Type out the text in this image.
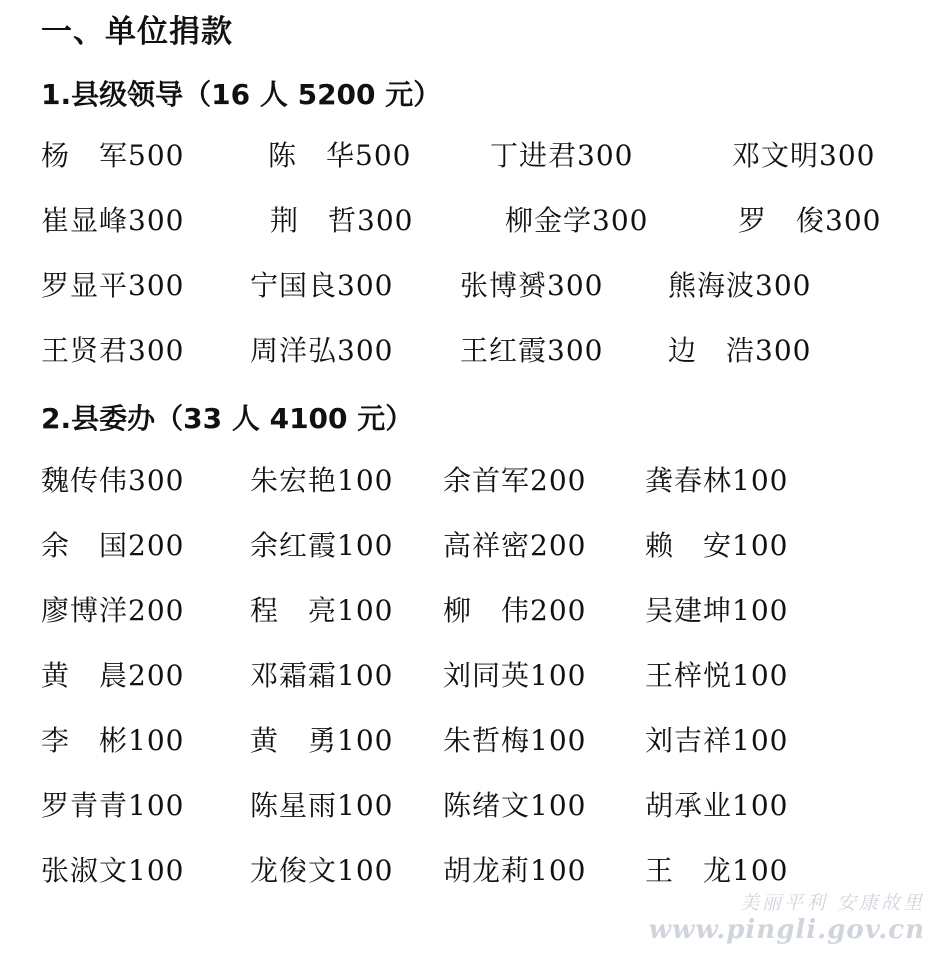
一、单位捐款
1.县级领导（16 人 5200 元）
2.县委办（33 人 4100 元）
杨　军500	陈　华500	丁进君300	邓文明300
崔显峰300	荆　哲300	柳金学300	罗　俊300
罗显平300 宁国良300 张博赟300 熊海波300
王贤君300 周洋弘300 王红霞300 边　浩300
魏传伟300 朱宏艳100 余首军200 龚春林100
余　国200 余红霞100 高祥密200 赖　安100
廖博洋200 程　亮100 柳　伟200 吴建坤100
黄　晨200 邓霜霜100 刘同英100 王梓悦100
李　彬100 黄　勇100 朱哲梅100 刘吉祥100
罗青青100 陈星雨100 陈绪文100 胡承业100
张淑文100 龙俊文100 胡龙莉100 王　龙100
美丽平利 安康故里
www.pingli.gov.cn
